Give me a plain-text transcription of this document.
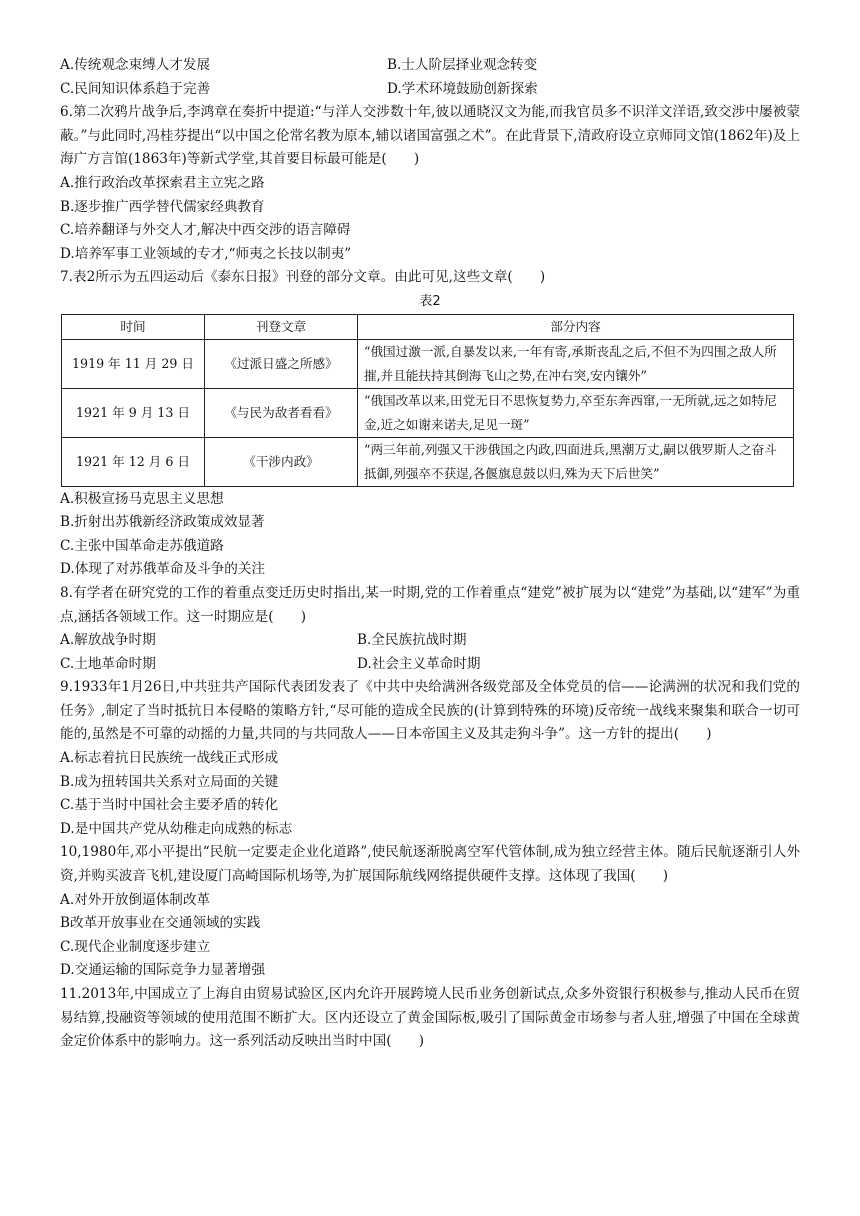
A.传统观念束缚人才发展	B.士人阶层择业观念转变
C.民间知识体系趋于完善	D.学术环境鼓励创新探索
6.第二次鸦片战争后,李鸿章在奏折中提道:“与洋人交涉数十年,彼以通晓汉文为能,而我官员多不识洋文洋语,致交涉中屡被蒙蔽。”与此同时,冯桂芬提出“以中国之伦常名教为原本,辅以诸国富强之术”。在此背景下,清政府设立京师同文馆(1862年)及上海广方言馆(1863年)等新式学堂,其首要目标最可能是(　　)
A.推行政治改革探索君主立宪之路
B.逐步推广西学替代儒家经典教育
C.培养翻译与外交人才,解决中西交涉的语言障碍
D.培养军事工业领域的专才,“师夷之长技以制夷”
7.表2所示为五四运动后《泰东日报》刊登的部分文章。由此可见,这些文章(　　)
表2
时间	刊登文章	部分内容
1919 年 11 月 29 日	《过派日盛之所感》	“俄国过激一派,自暴发以来,一年有寄,承斯丧乱之后,不但不为四围之敌人所摧,并且能扶持其倒海飞山之势,在冲右突,安内镶外”
1921 年 9 月 13 日	《与民为敌者看看》	“俄国改革以来,田党无日不思恢复势力,卒至东奔西窜,一无所就,远之如特尼金,近之如谢来诺夫,足见一斑”
1921 年 12 月 6 日	《干涉内政》	“两三年前,列强又干涉俄国之内政,四面进兵,黑潮万丈,嗣以俄罗斯人之奋斗抵御,列强卒不获逞,各偃旗息鼓以归,殊为天下后世笑”
A.积极宣扬马克思主义思想
B.折射出苏俄新经济政策成效显著
C.主张中国革命走苏俄道路
D.体现了对苏俄革命及斗争的关注
8.有学者在研究党的工作的着重点变迁历史时指出,某一时期,党的工作着重点“建党”被扩展为以“建党”为基础,以“建军”为重点,涵括各领域工作。这一时期应是(　　)
A.解放战争时期	B.全民族抗战时期
C.土地革命时期	D.社会主义革命时期
9.1933年1月26日,中共驻共产国际代表团发表了《中共中央给满洲各级党部及全体党员的信——论满洲的状况和我们党的任务》,制定了当时抵抗日本侵略的策略方针,“尽可能的造成全民族的(计算到特殊的环境)反帝统一战线来聚集和联合一切可能的,虽然是不可靠的动摇的力量,共同的与共同敌人——日本帝国主义及其走狗斗争”。这一方针的提出(　　)
A.标志着抗日民族统一战线正式形成
B.成为扭转国共关系对立局面的关键
C.基于当时中国社会主要矛盾的转化
D.是中国共产党从幼稚走向成熟的标志
10,1980年,邓小平提出“民航一定要走企业化道路”,使民航逐渐脱离空军代管体制,成为独立经营主体。随后民航逐渐引人外资,并购买波音飞机,建设厦门高崎国际机场等,为扩展国际航线网络提供硬件支撑。这体现了我国(　　)
A.对外开放倒逼体制改革
B改革开放事业在交通领域的实践
C.现代企业制度逐步建立
D.交通运输的国际竞争力显著增强
11.2013年,中国成立了上海自由贸易试验区,区内允许开展跨境人民币业务创新试点,众多外资银行积极参与,推动人民币在贸易结算,投融资等领域的使用范围不断扩大。区内还设立了黄金国际板,吸引了国际黄金市场参与者人驻,增强了中国在全球黄金定价体系中的影响力。这一系列活动反映出当时中国(　　)
